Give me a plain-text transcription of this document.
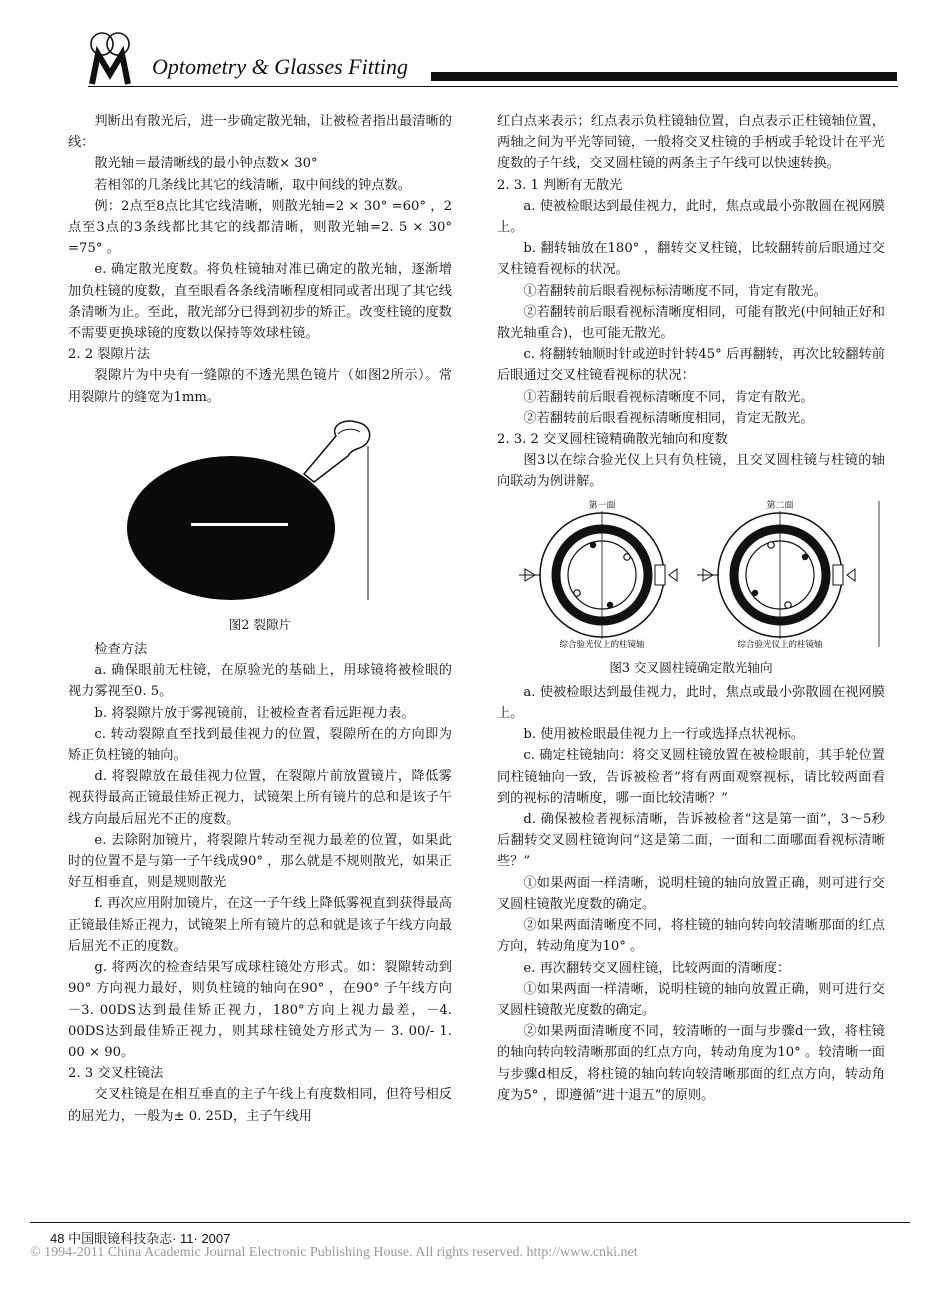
Optometry & Glasses Fitting

判断出有散光后，进一步确定散光轴，让被检者指出最清晰的线：

散光轴＝最清晰线的最小钟点数× 30°

若相邻的几条线比其它的线清晰，取中间线的钟点数。

例：2点至8点比其它线清晰，则散光轴=2 × 30° =60° ，2点至3点的3条线都比其它的线都清晰，则散光轴=2. 5 × 30° =75° 。

e. 确定散光度数。将负柱镜轴对准已确定的散光轴，逐渐增加负柱镜的度数，直至眼看各条线清晰程度相同或者出现了其它线条清晰为止。至此，散光部分已得到初步的矫正。改变柱镜的度数不需要更换球镜的度数以保持等效球柱镜。

2. 2 裂隙片法

裂隙片为中央有一缝隙的不透光黑色镜片（如图2所示）。常用裂隙片的缝宽为1mm。

图2 裂隙片

检查方法

a. 确保眼前无柱镜，在原验光的基础上，用球镜将被检眼的视力雾视至0. 5。

b. 将裂隙片放于雾视镜前，让被检查者看远距视力表。

c. 转动裂隙直至找到最佳视力的位置，裂隙所在的方向即为矫正负柱镜的轴向。

d. 将裂隙放在最佳视力位置，在裂隙片前放置镜片，降低雾视获得最高正镜最佳矫正视力，试镜架上所有镜片的总和是该子午线方向最后屈光不正的度数。

e. 去除附加镜片，将裂隙片转动至视力最差的位置，如果此时的位置不是与第一子午线成90° ，那么就是不规则散光，如果正好互相垂直，则是规则散光

f. 再次应用附加镜片，在这一子午线上降低雾视直到获得最高正镜最佳矫正视力，试镜架上所有镜片的总和就是该子午线方向最后屈光不正的度数。

g. 将两次的检查结果写成球柱镜处方形式。如：裂隙转动到90° 方向视力最好，则负柱镜的轴向在90° ，在90° 子午线方向－3. 00DS达到最佳矫正视力，180°方向上视力最差，－4. 00DS达到最佳矫正视力，则其球柱镜处方形式为－ 3. 00/- 1. 00 × 90。

2. 3 交叉柱镜法

交叉柱镜是在相互垂直的主子午线上有度数相同，但符号相反的屈光力，一般为± 0. 25D，主子午线用

红白点来表示；红点表示负柱镜轴位置，白点表示正柱镜轴位置，两轴之间为平光等同镜，一般将交叉柱镜的手柄或手轮设计在平光度数的子午线，交叉圆柱镜的两条主子午线可以快速转换。

2. 3. 1 判断有无散光

a. 使被检眼达到最佳视力，此时，焦点或最小弥散圆在视网膜上。

b. 翻转轴放在180° ，翻转交叉柱镜，比较翻转前后眼通过交叉柱镜看视标的状况。

①若翻转前后眼看视标标清晰度不同，肯定有散光。

②若翻转前后眼看视标清晰度相同，可能有散光(中间轴正好和散光轴重合)，也可能无散光。

c. 将翻转轴顺时针或逆时针转45° 后再翻转，再次比较翻转前后眼通过交叉柱镜看视标的状况：

①若翻转前后眼看视标清晰度不同，肯定有散光。

②若翻转前后眼看视标清晰度相同，肯定无散光。

2. 3. 2 交叉圆柱镜精确散光轴向和度数

图3以在综合验光仪上只有负柱镜，且交叉圆柱镜与柱镜的轴向联动为例讲解。

第一面	第二面
综合验光仪上的柱镜轴	综合验光仪上的柱镜轴
图3 交叉圆柱镜确定散光轴向

a. 使被检眼达到最佳视力，此时，焦点或最小弥散圆在视网膜上。

b. 使用被检眼最佳视力上一行或选择点状视标。

c. 确定柱镜轴向：将交叉圆柱镜放置在被检眼前，其手轮位置同柱镜轴向一致，告诉被检者“将有两面观察视标，请比较两面看到的视标的清晰度，哪一面比较清晰？”

d. 确保被检者视标清晰，告诉被检者“这是第一面”，3～5秒后翻转交叉圆柱镜询问“这是第二面，一面和二面哪面看视标清晰些？”

①如果两面一样清晰，说明柱镜的轴向放置正确，则可进行交叉圆柱镜散光度数的确定。

②如果两面清晰度不同，将柱镜的轴向转向较清晰那面的红点方向，转动角度为10° 。

e. 再次翻转交叉圆柱镜，比较两面的清晰度：

①如果两面一样清晰，说明柱镜的轴向放置正确，则可进行交叉圆柱镜散光度数的确定。

②如果两面清晰度不同，较清晰的一面与步骤d一致，将柱镜的轴向转向较清晰那面的红点方向，转动角度为10° 。较清晰一面与步骤d相反，将柱镜的轴向转向较清晰那面的红点方向，转动角度为5° ，即遵循“进十退五”的原则。

48 中国眼镜科技杂志· 11· 2007
© 1994-2011 China Academic Journal Electronic Publishing House. All rights reserved. http://www.cnki.net
